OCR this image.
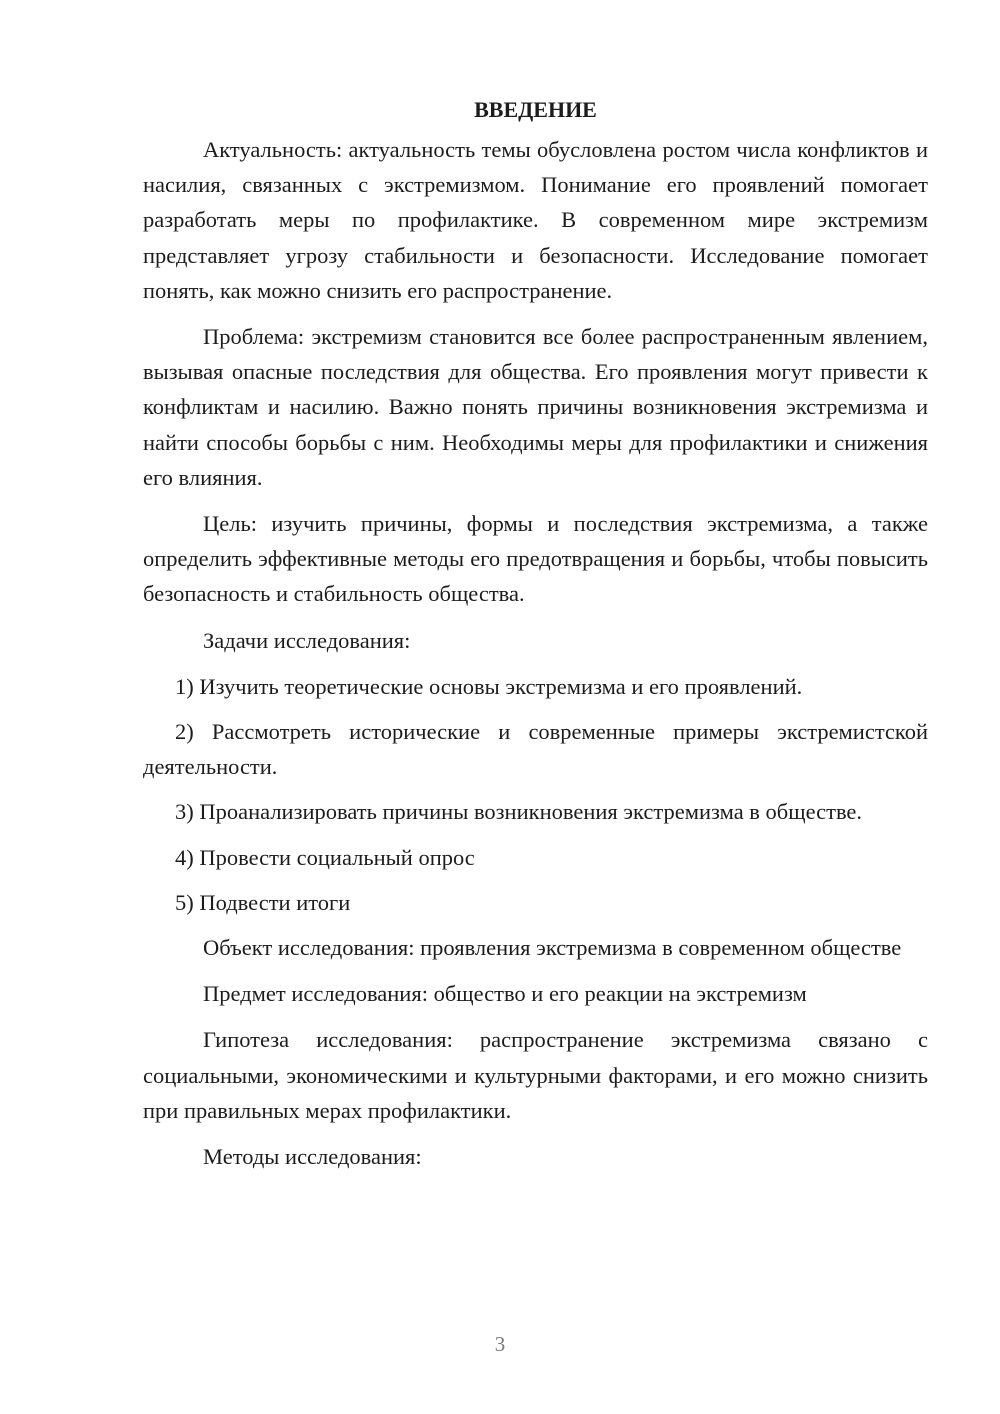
ВВЕДЕНИЕ

Актуальность: актуальность темы обусловлена ростом числа конфликтов и насилия, связанных с экстремизмом. Понимание его проявлений помогает разработать меры по профилактике. В современном мире экстремизм представляет угрозу стабильности и безопасности. Исследование помогает понять, как можно снизить его распространение.

Проблема: экстремизм становится все более распространенным явлением, вызывая опасные последствия для общества. Его проявления могут привести к конфликтам и насилию. Важно понять причины возникновения экстремизма и найти способы борьбы с ним. Необходимы меры для профилактики и снижения его влияния.

Цель: изучить причины, формы и последствия экстремизма, а также определить эффективные методы его предотвращения и борьбы, чтобы повысить безопасность и стабильность общества.

Задачи исследования:

1) Изучить теоретические основы экстремизма и его проявлений.

2) Рассмотреть исторические и современные примеры экстремистской деятельности.

3) Проанализировать причины возникновения экстремизма в обществе.

4) Провести социальный опрос

5) Подвести итоги

Объект исследования: проявления экстремизма в современном обществе

Предмет исследования: общество и его реакции на экстремизм

Гипотеза исследования: распространение экстремизма связано с социальными, экономическими и культурными факторами, и его можно снизить при правильных мерах профилактики.

Методы исследования:

3
